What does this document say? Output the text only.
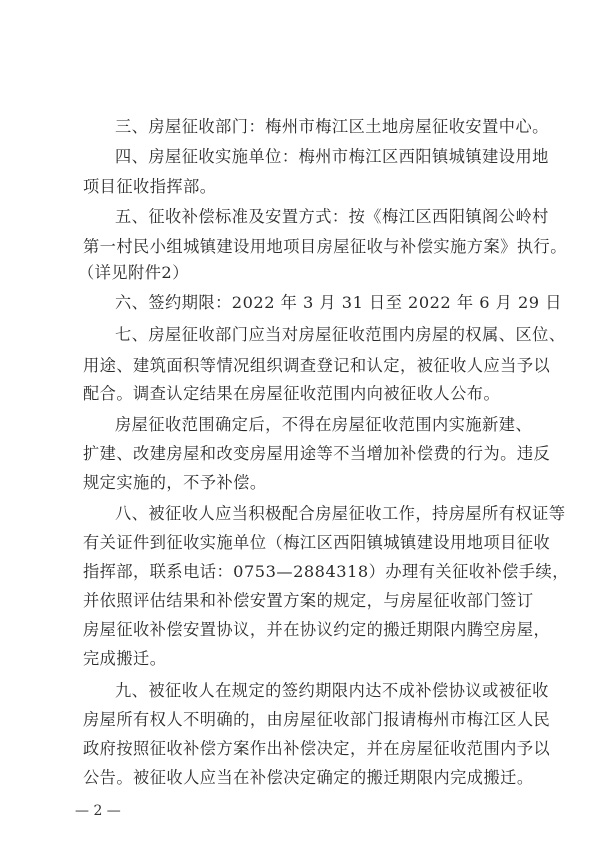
三、房屋征收部门：梅州市梅江区土地房屋征收安置中心。
四、房屋征收实施单位：梅州市梅江区西阳镇城镇建设用地
项目征收指挥部。
五、征收补偿标准及安置方式：按《梅江区西阳镇阁公岭村
第一村民小组城镇建设用地项目房屋征收与补偿实施方案》执行。
（详见附件2）
六、签约期限：2022 年 3 月 31 日至 2022 年 6 月 29 日
七、房屋征收部门应当对房屋征收范围内房屋的权属、区位、
用途、建筑面积等情况组织调查登记和认定，被征收人应当予以
配合。调查认定结果在房屋征收范围内向被征收人公布。
房屋征收范围确定后，不得在房屋征收范围内实施新建、
扩建、改建房屋和改变房屋用途等不当增加补偿费的行为。违反
规定实施的，不予补偿。
八、被征收人应当积极配合房屋征收工作，持房屋所有权证等
有关证件到征收实施单位（梅江区西阳镇城镇建设用地项目征收
指挥部，联系电话：0753—2884318）办理有关征收补偿手续，
并依照评估结果和补偿安置方案的规定，与房屋征收部门签订
房屋征收补偿安置协议，并在协议约定的搬迁期限内腾空房屋，
完成搬迁。
九、被征收人在规定的签约期限内达不成补偿协议或被征收
房屋所有权人不明确的，由房屋征收部门报请梅州市梅江区人民
政府按照征收补偿方案作出补偿决定，并在房屋征收范围内予以
公告。被征收人应当在补偿决定确定的搬迁期限内完成搬迁。
— 2 —
